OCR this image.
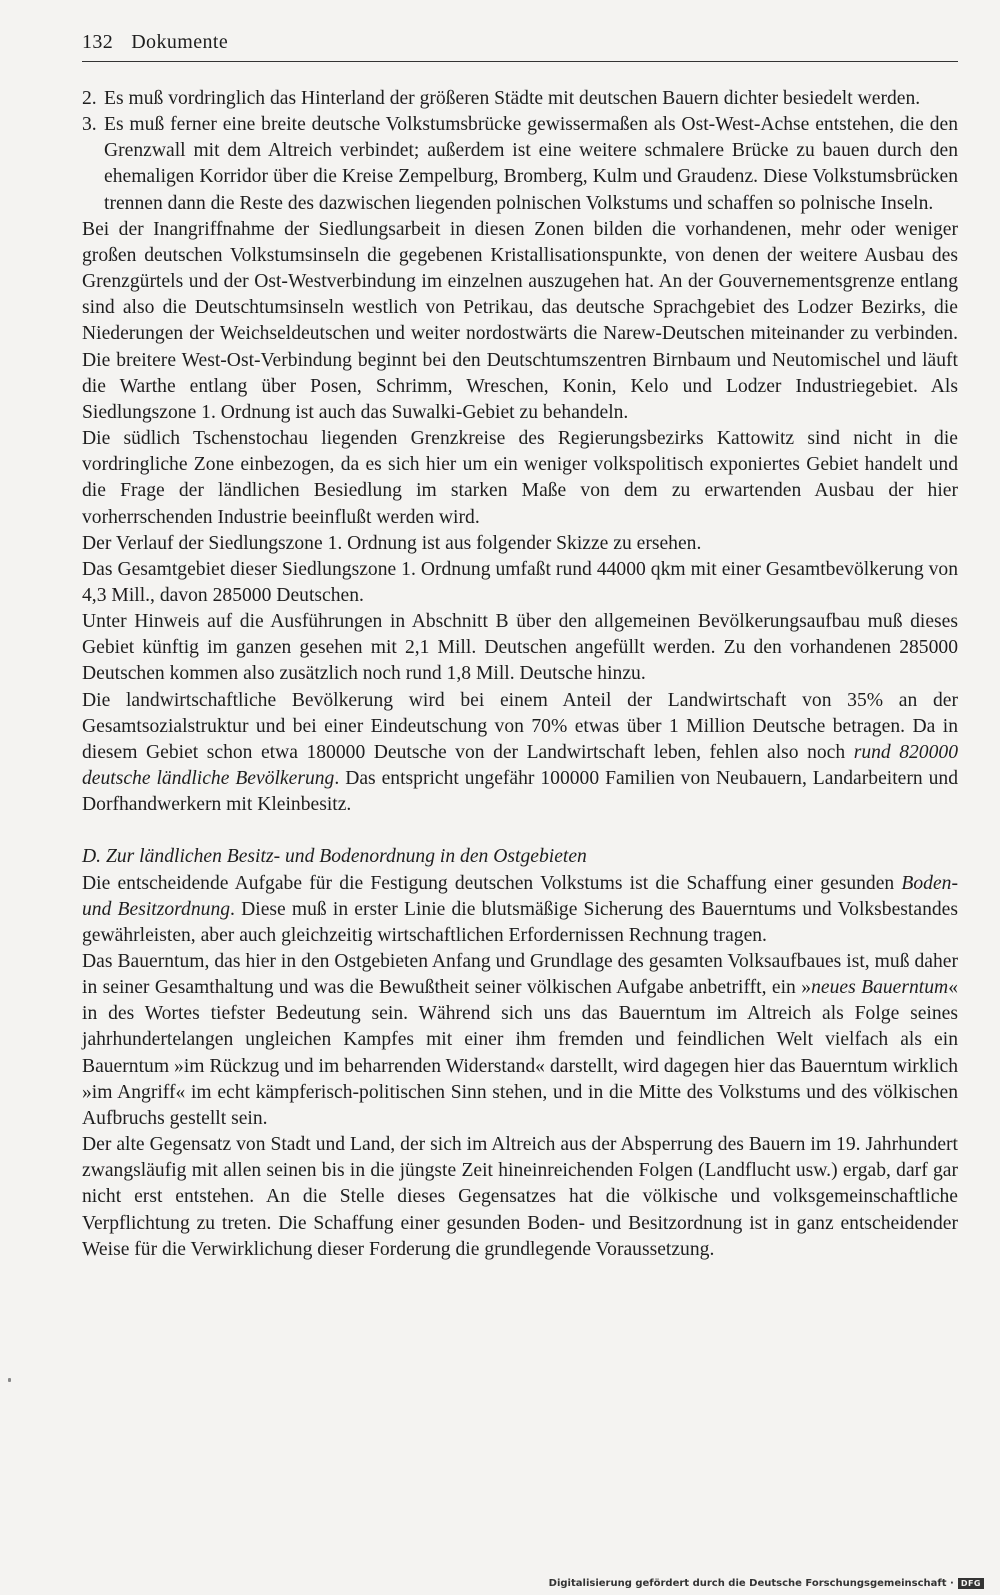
132 Dokumente
2. Es muß vordringlich das Hinterland der größeren Städte mit deutschen Bauern dichter besiedelt werden.
3. Es muß ferner eine breite deutsche Volkstumsbrücke gewissermaßen als Ost-West-Achse entstehen, die den Grenzwall mit dem Altreich verbindet; außerdem ist eine weitere schmalere Brücke zu bauen durch den ehemaligen Korridor über die Kreise Zempelburg, Bromberg, Kulm und Graudenz. Diese Volkstumsbrücken trennen dann die Reste des dazwischen liegenden polnischen Volkstums und schaffen so polnische Inseln.

Bei der Inangriffnahme der Siedlungsarbeit in diesen Zonen bilden die vorhandenen, mehr oder weniger großen deutschen Volkstumsinseln die gegebenen Kristallisationspunkte, von denen der weitere Ausbau des Grenzgürtels und der Ost-Westverbindung im einzelnen auszugehen hat. An der Gouvernementsgrenze entlang sind also die Deutschtumsinseln westlich von Petrikau, das deutsche Sprachgebiet des Lodzer Bezirks, die Niederungen der Weichseldeutschen und weiter nordostwärts die Narew-Deutschen miteinander zu verbinden. Die breitere West-Ost-Verbindung beginnt bei den Deutschtumszentren Birnbaum und Neutomischel und läuft die Warthe entlang über Posen, Schrimm, Wreschen, Konin, Kelo und Lodzer Industriegebiet. Als Siedlungszone 1. Ordnung ist auch das Suwalki-Gebiet zu behandeln.

Die südlich Tschenstochau liegenden Grenzkreise des Regierungsbezirks Kattowitz sind nicht in die vordringliche Zone einbezogen, da es sich hier um ein weniger volkspolitisch exponiertes Gebiet handelt und die Frage der ländlichen Besiedlung im starken Maße von dem zu erwartenden Ausbau der hier vorherrschenden Industrie beeinflußt werden wird.

Der Verlauf der Siedlungszone 1. Ordnung ist aus folgender Skizze zu ersehen.

Das Gesamtgebiet dieser Siedlungszone 1. Ordnung umfaßt rund 44000 qkm mit einer Gesamtbevölkerung von 4,3 Mill., davon 285000 Deutschen.

Unter Hinweis auf die Ausführungen in Abschnitt B über den allgemeinen Bevölkerungsaufbau muß dieses Gebiet künftig im ganzen gesehen mit 2,1 Mill. Deutschen angefüllt werden. Zu den vorhandenen 285000 Deutschen kommen also zusätzlich noch rund 1,8 Mill. Deutsche hinzu.

Die landwirtschaftliche Bevölkerung wird bei einem Anteil der Landwirtschaft von 35% an der Gesamtsozialstruktur und bei einer Eindeutschung von 70% etwas über 1 Million Deutsche betragen. Da in diesem Gebiet schon etwa 180000 Deutsche von der Landwirtschaft leben, fehlen also noch rund 820000 deutsche ländliche Bevölkerung. Das entspricht ungefähr 100000 Familien von Neubauern, Landarbeitern und Dorfhandwerkern mit Kleinbesitz.

D. Zur ländlichen Besitz- und Bodenordnung in den Ostgebieten

Die entscheidende Aufgabe für die Festigung deutschen Volkstums ist die Schaffung einer gesunden Boden- und Besitzordnung. Diese muß in erster Linie die blutsmäßige Sicherung des Bauerntums und Volksbestandes gewährleisten, aber auch gleichzeitig wirtschaftlichen Erfordernissen Rechnung tragen.

Das Bauerntum, das hier in den Ostgebieten Anfang und Grundlage des gesamten Volksaufbaues ist, muß daher in seiner Gesamthaltung und was die Bewußtheit seiner völkischen Aufgabe anbetrifft, ein »neues Bauerntum« in des Wortes tiefster Bedeutung sein. Während sich uns das Bauerntum im Altreich als Folge seines jahrhundertelangen ungleichen Kampfes mit einer ihm fremden und feindlichen Welt vielfach als ein Bauerntum »im Rückzug und im beharrenden Widerstand« darstellt, wird dagegen hier das Bauerntum wirklich »im Angriff« im echt kämpferisch-politischen Sinn stehen, und in die Mitte des Volkstums und des völkischen Aufbruchs gestellt sein.

Der alte Gegensatz von Stadt und Land, der sich im Altreich aus der Absperrung des Bauern im 19. Jahrhundert zwangsläufig mit allen seinen bis in die jüngste Zeit hineinreichenden Folgen (Landflucht usw.) ergab, darf gar nicht erst entstehen. An die Stelle dieses Gegensatzes hat die völkische und volksgemeinschaftliche Verpflichtung zu treten. Die Schaffung einer gesunden Boden- und Besitzordnung ist in ganz entscheidender Weise für die Verwirklichung dieser Forderung die grundlegende Voraussetzung.

Digitalisierung gefördert durch die Deutsche Forschungsgemeinschaft · DFG
